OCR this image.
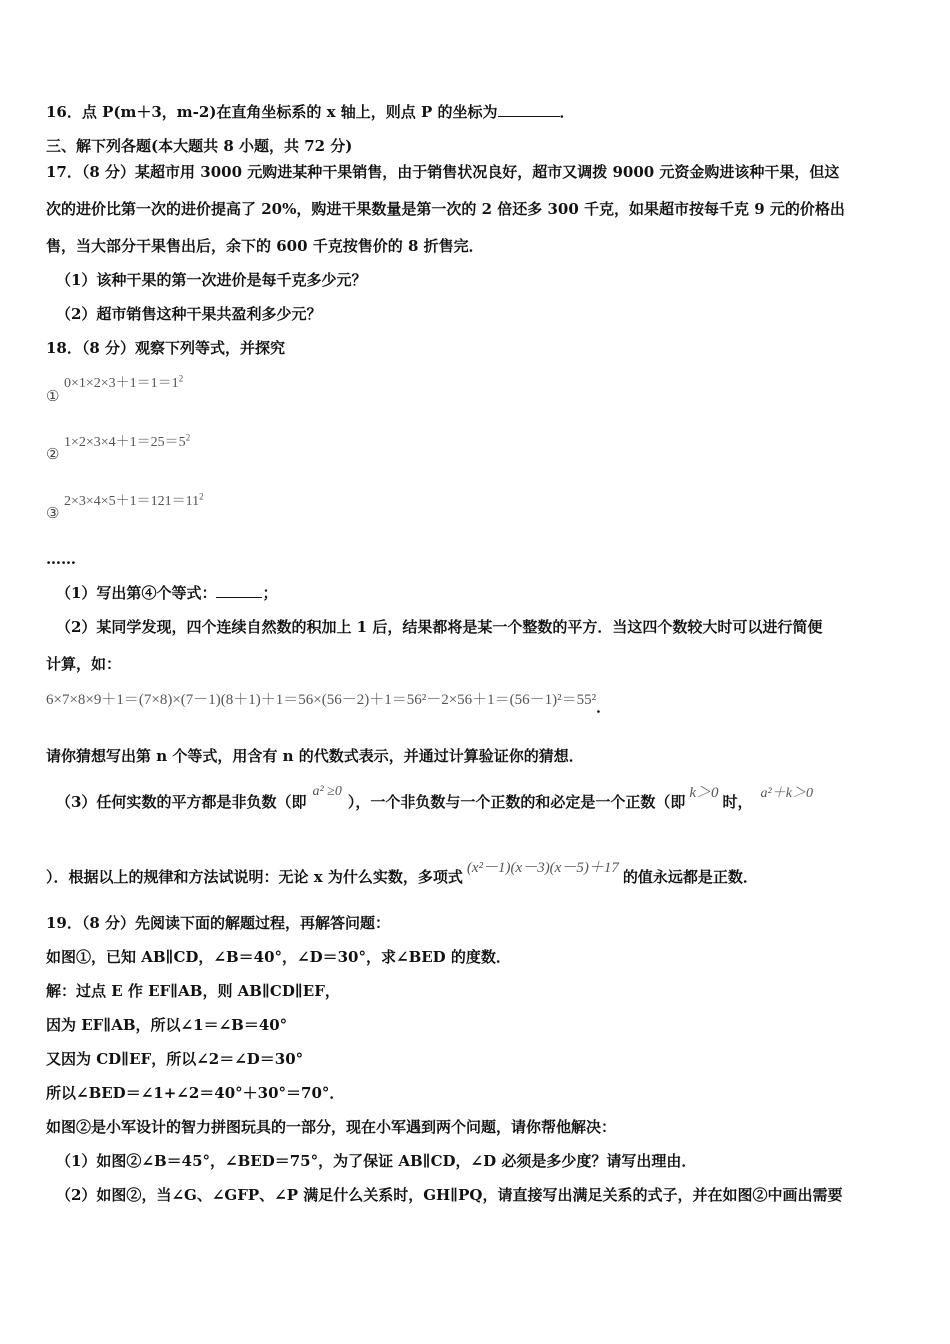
16．点 P(m＋3，m-2)在直角坐标系的 x 轴上，则点 P 的坐标为	．
三、解下列各题(本大题共 8 小题，共 72 分)
17．（8 分）某超市用 3000 元购进某种干果销售，由于销售状况良好，超市又调拨 9000 元资金购进该种干果，但这
次的进价比第一次的进价提高了 20%，购进干果数量是第一次的 2 倍还多 300 千克，如果超市按每千克 9 元的价格出
售，当大部分干果售出后，余下的 600 千克按售价的 8 折售完．
（1）该种干果的第一次进价是每千克多少元？
（2）超市销售这种干果共盈利多少元？
18．（8 分）观察下列等式，并探究
①
$0\times 1\times 2\times 3+1=1=1^2$
②
$1\times 2\times 3\times 4+1=25=5^2$
③
$2\times 3\times 4\times 5+1=121=11^2$
……
（1）写出第④个等式：	；
（2）某同学发现，四个连续自然数的积加上 1 后，结果都将是某一个整数的平方．当这四个数较大时可以进行简便
计算，如：
6×7×8×9＋1＝(7×8)×(7－1)(8＋1)＋1＝56×(56－2)＋1＝56²－2×56＋1＝(56－1)²＝55²．
请你猜想写出第 n 个等式，用含有 n 的代数式表示，并通过计算验证你的猜想．
（3）任何实数的平方都是非负数（即a² ≥0），一个非负数与一个正数的和必定是一个正数（即 k＞0 时， a²＋k＞0
）．根据以上的规律和方法试说明：无论 x 为什么实数，多项式 (x²－1)(x－3)(x－5)＋17 的值永远都是正数．
19．（8 分）先阅读下面的解题过程，再解答问题：
如图①，已知 AB∥CD，∠B＝40°，∠D＝30°，求∠BED 的度数．
解：过点 E 作 EF∥AB，则 AB∥CD∥EF，
因为 EF∥AB，所以∠1＝∠B＝40°
又因为 CD∥EF，所以∠2＝∠D＝30°
所以∠BED＝∠1+∠2＝40°＋30°＝70°．
如图②是小军设计的智力拼图玩具的一部分，现在小军遇到两个问题，请你帮他解决：
（1）如图②∠B＝45°，∠BED＝75°，为了保证 AB∥CD，∠D 必须是多少度？请写出理由．
（2）如图②，当∠G、∠GFP、∠P 满足什么关系时，GH∥PQ，请直接写出满足关系的式子，并在如图②中画出需要
